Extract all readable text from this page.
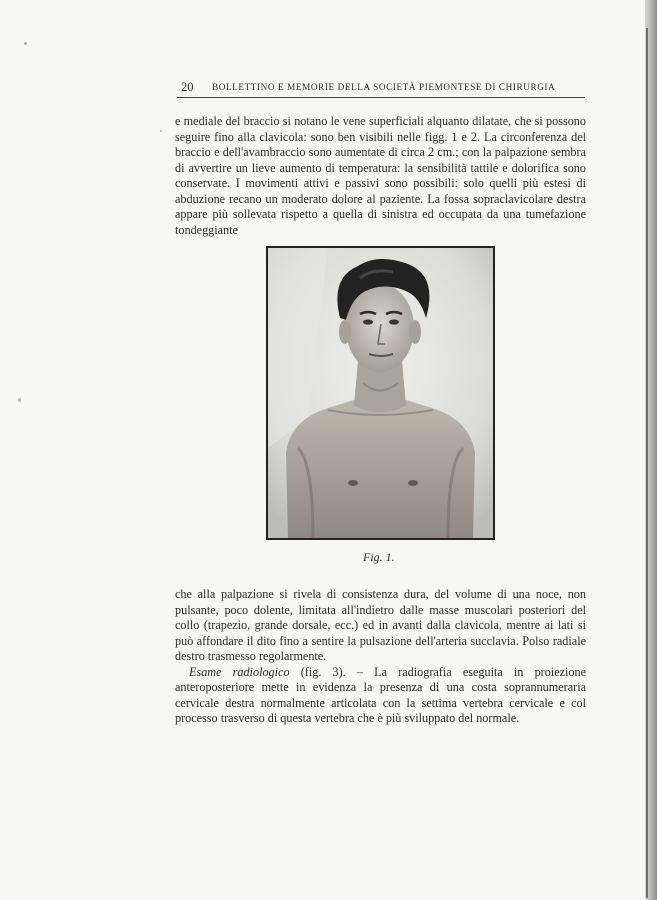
20 BOLLETTINO E MEMORIE DELLA SOCIETÀ PIEMONTESE DI CHIRURGIA

e mediale del braccio si notano le vene superficiali alquanto dilatate, che si possono seguire fino alla clavicola: sono ben visibili nelle figg. 1 e 2. La circonferenza del braccio e dell'avambraccio sono aumentate di circa 2 cm.; con la palpazione sembra di avvertire un lieve aumento di temperatura: la sensibilità tattile e dolorifica sono conservate. I movimenti attivi e passivi sono possibili: solo quelli più estesi di abduzione recano un moderato dolore al paziente. La fossa sopraclavicolare destra appare più sollevata rispetto a quella di sinistra ed occupata da una tumefazione tondeggiante

Fig. 1.

che alla palpazione si rivela di consistenza dura, del volume di una noce, non pulsante, poco dolente, limitata all'indietro dalle masse muscolari posteriori del collo (trapezio, grande dorsale, ecc.) ed in avanti dalla clavicola, mentre ai lati si può affondare il dito fino a sentire la pulsazione dell'arteria succlavia. Polso radiale destro trasmesso regolarmente.

Esame radiologico (fig. 3). – La radiografia eseguita in proiezione anteroposteriore mette in evidenza la presenza di una costa soprannumeraria cervicale destra normalmente articolata con la settima vertebra cervicale e col processo trasverso di questa vertebra che è più sviluppato del normale.
